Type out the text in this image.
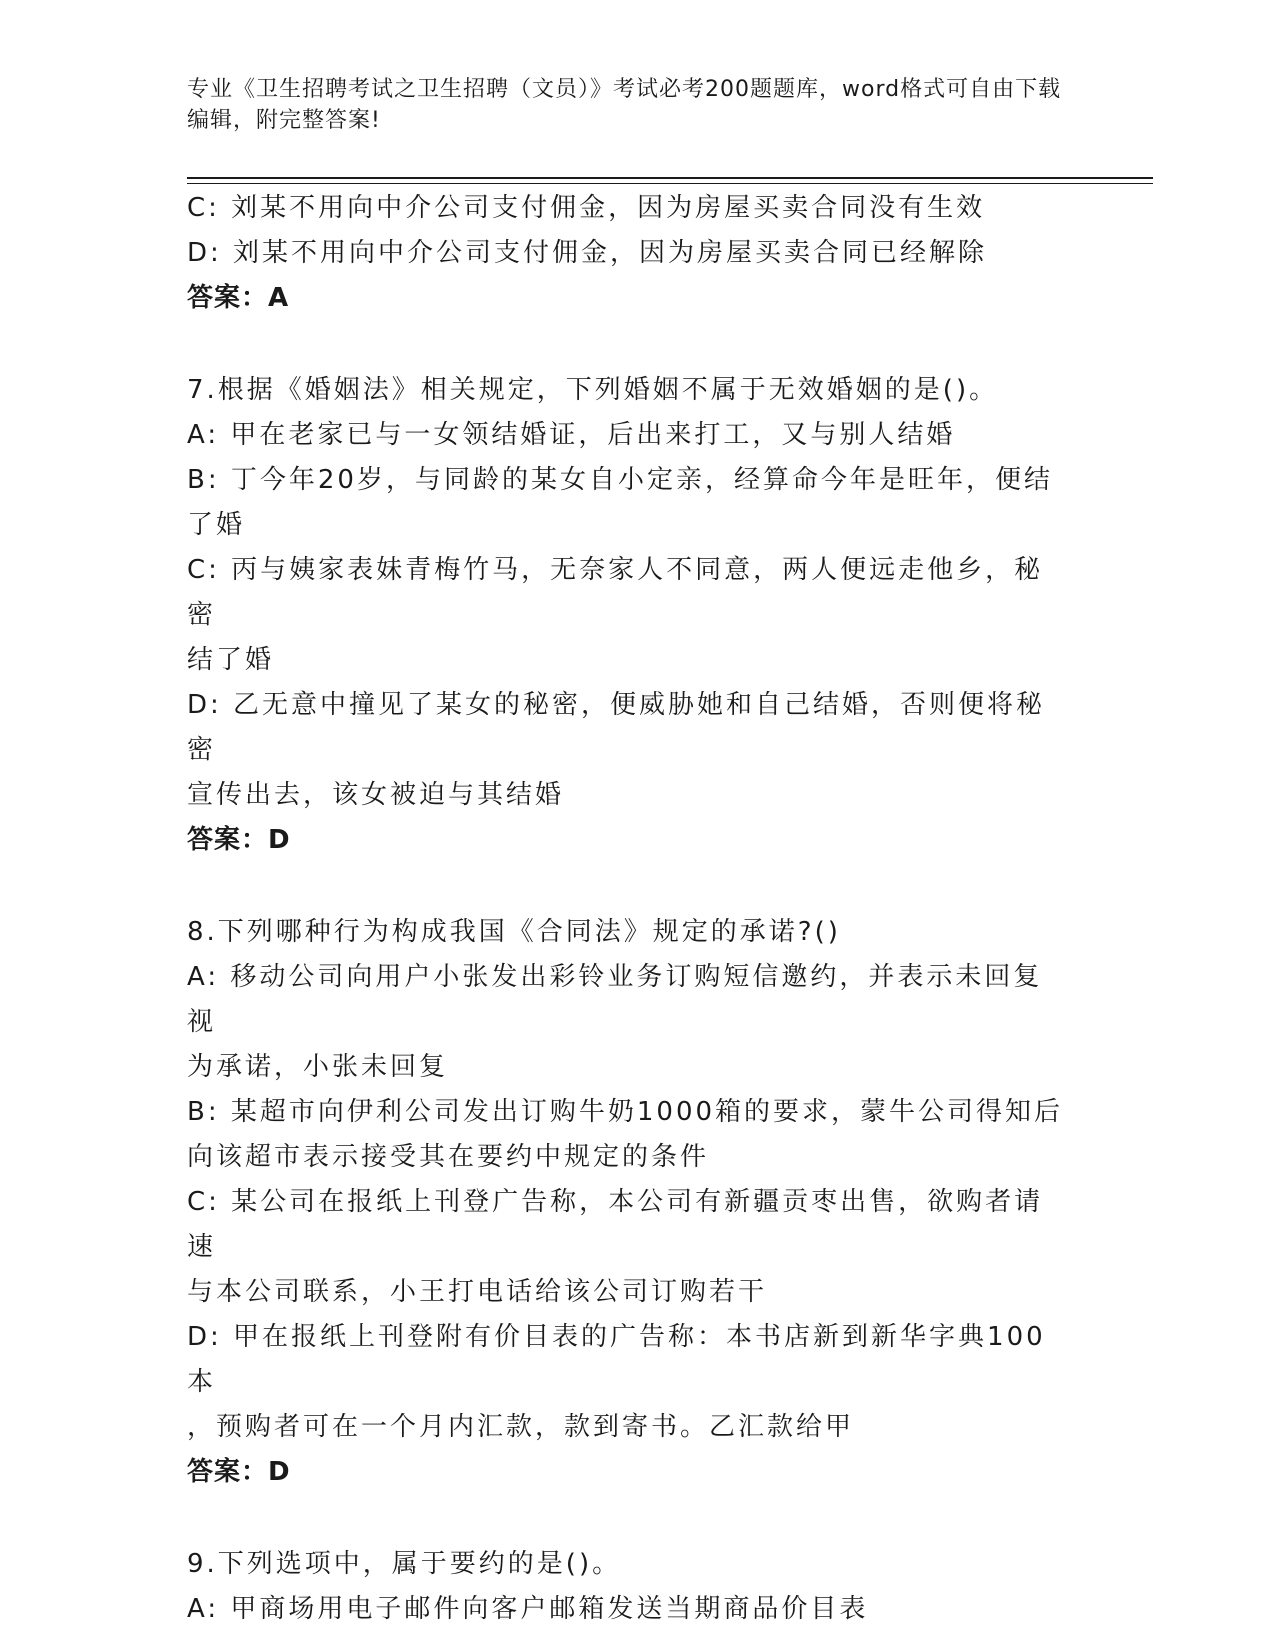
专业《卫生招聘考试之卫生招聘（文员）》考试必考200题题库，word格式可自由下载编辑，附完整答案!
C: 刘某不用向中介公司支付佣金，因为房屋买卖合同没有生效
D: 刘某不用向中介公司支付佣金，因为房屋买卖合同已经解除
答案：A
7.根据《婚姻法》相关规定，下列婚姻不属于无效婚姻的是()。
A: 甲在老家已与一女领结婚证，后出来打工，又与别人结婚
B: 丁今年20岁，与同龄的某女自小定亲，经算命今年是旺年，便结
了婚
C: 丙与姨家表妹青梅竹马，无奈家人不同意，两人便远走他乡，秘密
结了婚
D: 乙无意中撞见了某女的秘密，便威胁她和自己结婚，否则便将秘密
宣传出去，该女被迫与其结婚
答案：D
8.下列哪种行为构成我国《合同法》规定的承诺?()
A: 移动公司向用户小张发出彩铃业务订购短信邀约，并表示未回复视
为承诺，小张未回复
B: 某超市向伊利公司发出订购牛奶1000箱的要求，蒙牛公司得知后
向该超市表示接受其在要约中规定的条件
C: 某公司在报纸上刊登广告称，本公司有新疆贡枣出售，欲购者请速
与本公司联系，小王打电话给该公司订购若干
D: 甲在报纸上刊登附有价目表的广告称：本书店新到新华字典100本
，预购者可在一个月内汇款，款到寄书。乙汇款给甲
答案：D
9.下列选项中，属于要约的是()。
A: 甲商场用电子邮件向客户邮箱发送当期商品价目表
